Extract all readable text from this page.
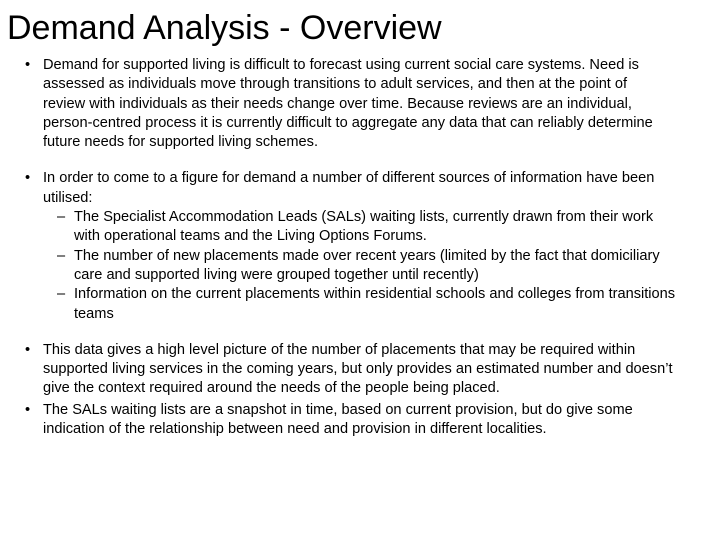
Demand Analysis - Overview
• Demand for supported living is difficult to forecast using current social care systems. Need is assessed as individuals move through transitions to adult services, and then at the point of review with individuals as their needs change over time. Because reviews are an individual, person-centred process it is currently difficult to aggregate any data that can reliably determine future needs for supported living schemes.
• In order to come to a figure for demand a number of different sources of information have been utilised:
– The Specialist Accommodation Leads (SALs) waiting lists, currently drawn from their work with operational teams and the Living Options Forums.
– The number of new placements made over recent years (limited by the fact that domiciliary care and supported living were grouped together until recently)
– Information on the current placements within residential schools and colleges from transitions teams
• This data gives a high level picture of the number of placements that may be required within supported living services in the coming years, but only provides an estimated number and doesn’t give the context required around the needs of the people being placed.
• The SALs waiting lists are a snapshot in time, based on current provision, but do give some indication of the relationship between need and provision in different localities.
